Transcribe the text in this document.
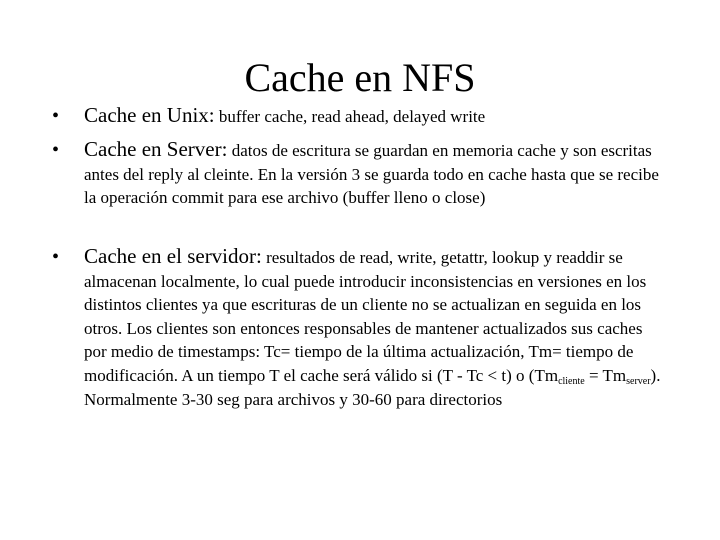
Cache en NFS
• Cache en Unix: buffer cache, read ahead, delayed write
• Cache en Server: datos de escritura se guardan en memoria cache y son escritas antes del reply al cleinte. En la versión 3 se guarda todo en cache hasta que se recibe la operación commit para ese archivo (buffer lleno o close)
• Cache en el servidor: resultados de read, write, getattr, lookup y readdir se almacenan localmente, lo cual puede introducir inconsistencias en versiones en los distintos clientes ya que escrituras de un cliente no se actualizan en seguida en los otros. Los clientes son entonces responsables de mantener actualizados sus caches por medio de timestamps: Tc= tiempo de la última actualización, Tm= tiempo de modificación. A un tiempo T el cache será válido si (T - Tc < t) o $(Tm_{cliente} = Tm_{server})$. Normalmente 3-30 seg para archivos y 30-60 para directorios
